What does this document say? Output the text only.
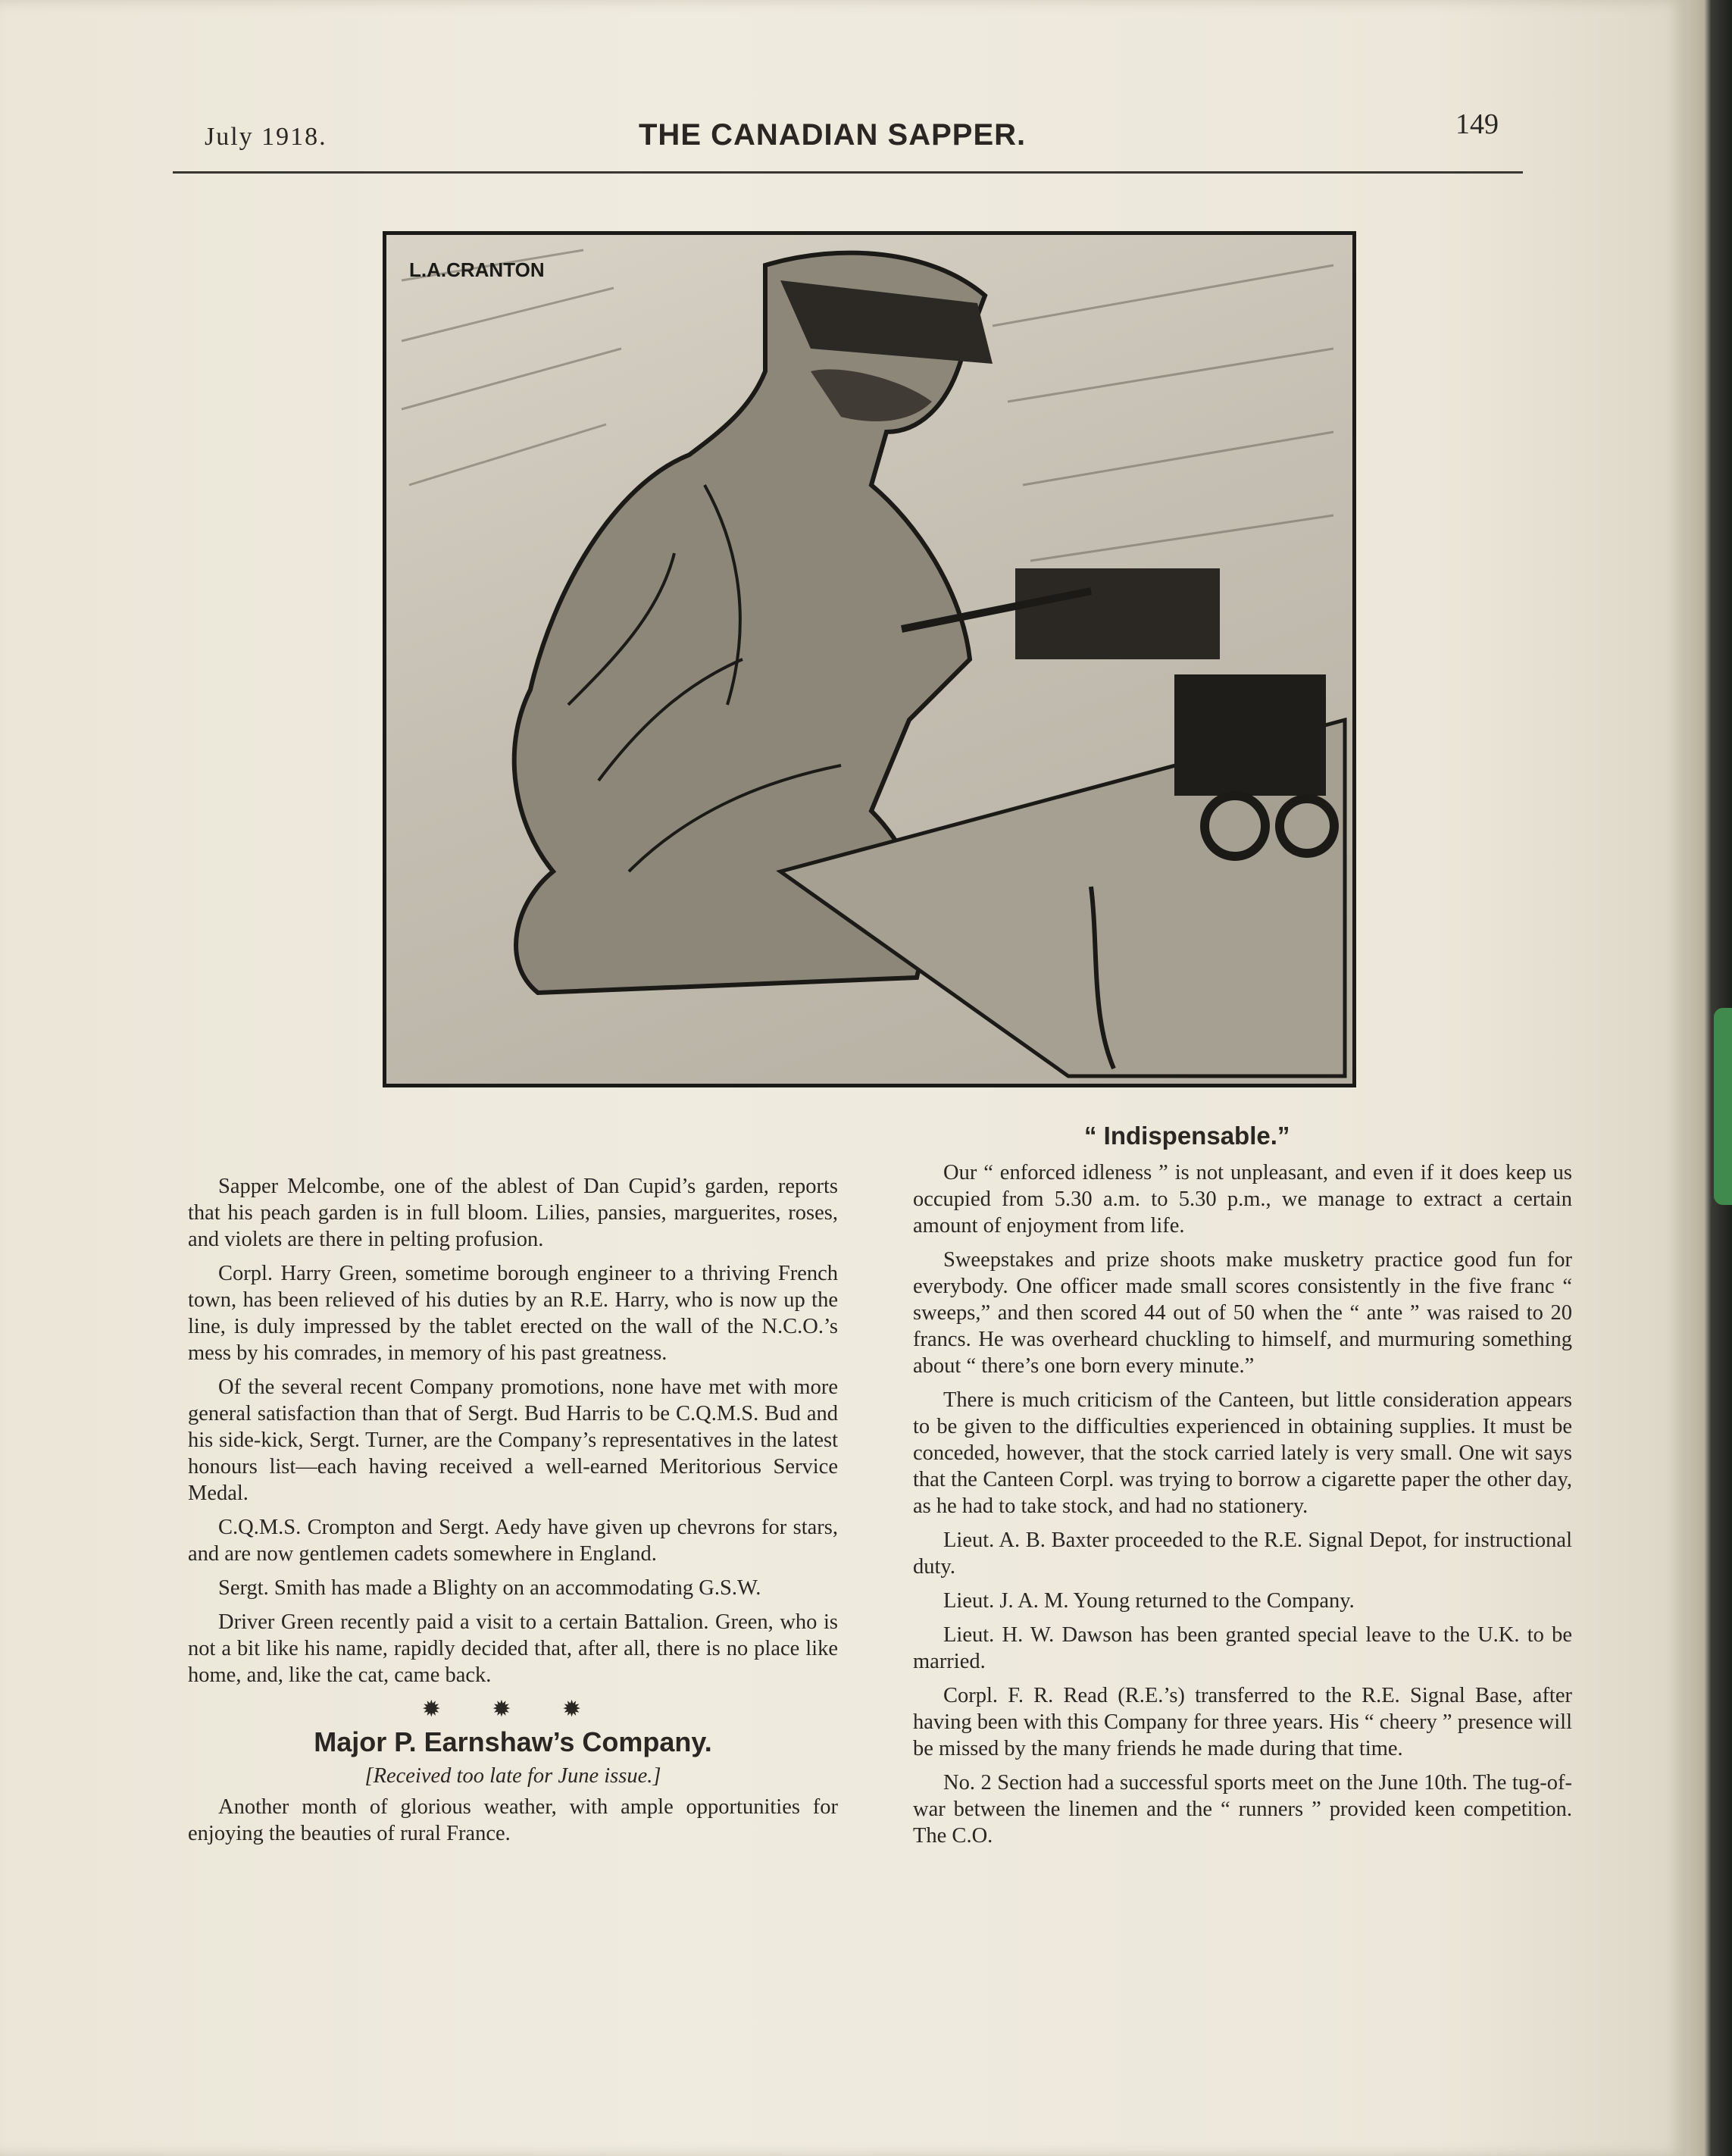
July 1918.	THE CANADIAN SAPPER.	149
L.A.CRANTON
“ Indispensable.”

Sapper Melcombe, one of the ablest of Dan Cupid’s garden, reports that his peach garden is in full bloom. Lilies, pansies, marguerites, roses, and violets are there in pelting profusion.

Corpl. Harry Green, sometime borough engineer to a thriving French town, has been relieved of his duties by an R.E. Harry, who is now up the line, is duly impressed by the tablet erected on the wall of the N.C.O.’s mess by his comrades, in memory of his past greatness.

Of the several recent Company promotions, none have met with more general satisfaction than that of Sergt. Bud Harris to be C.Q.M.S. Bud and his side-kick, Sergt. Turner, are the Company’s representatives in the latest honours list—each having received a well-earned Meritorious Service Medal.

C.Q.M.S. Crompton and Sergt. Aedy have given up chevrons for stars, and are now gentlemen cadets somewhere in England.

Sergt. Smith has made a Blighty on an accommodating G.S.W.

Driver Green recently paid a visit to a certain Battalion. Green, who is not a bit like his name, rapidly decided that, after all, there is no place like home, and, like the cat, came back.

✹ ✹ ✹

Major P. Earnshaw’s Company.

[Received too late for June issue.]

Another month of glorious weather, with ample opportunities for enjoying the beauties of rural France.

Our “ enforced idleness ” is not unpleasant, and even if it does keep us occupied from 5.30 a.m. to 5.30 p.m., we manage to extract a certain amount of enjoyment from life.

Sweepstakes and prize shoots make musketry practice good fun for everybody. One officer made small scores consistently in the five franc “ sweeps,” and then scored 44 out of 50 when the “ ante ” was raised to 20 francs. He was overheard chuckling to himself, and murmuring something about “ there’s one born every minute.”

There is much criticism of the Canteen, but little consideration appears to be given to the difficulties experienced in obtaining supplies. It must be conceded, however, that the stock carried lately is very small. One wit says that the Canteen Corpl. was trying to borrow a cigarette paper the other day, as he had to take stock, and had no stationery.

Lieut. A. B. Baxter proceeded to the R.E. Signal Depot, for instructional duty.

Lieut. J. A. M. Young returned to the Company.

Lieut. H. W. Dawson has been granted special leave to the U.K. to be married.

Corpl. F. R. Read (R.E.’s) transferred to the R.E. Signal Base, after having been with this Company for three years. His “ cheery ” presence will be missed by the many friends he made during that time.

No. 2 Section had a successful sports meet on the June 10th. The tug-of-war between the linemen and the “ runners ” provided keen competition. The C.O.
